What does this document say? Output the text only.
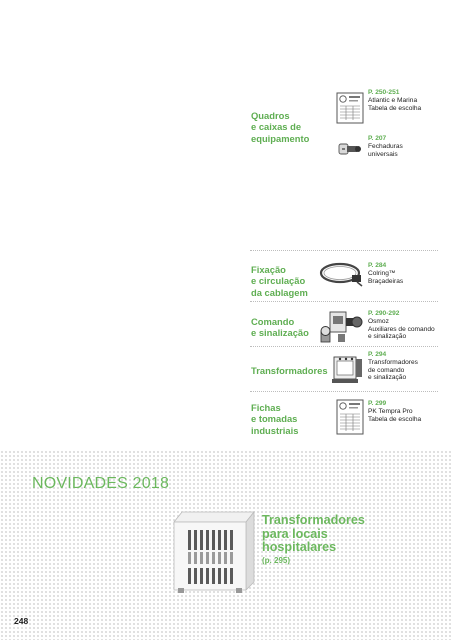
Quadros
e caixas de
equipamento
P. 250-251
Atlantic e Marina
Tabela de escolha
P. 207
Fechaduras
universais
Fixação
e circulação
da cablagem
P. 284
Colring™
Braçadeiras
Comando
e sinalização
P. 290-292
Osmoz
Auxiliares de comando
e sinalização
Transformadores
P. 294
Transformadores
de comando
e sinalização
Fichas
e tomadas
industriais
P. 299
PK Tempra Pro
Tabela de escolha
NOVIDADES 2018
Transformadores
para locais
hospitalares
(p. 295)
248
